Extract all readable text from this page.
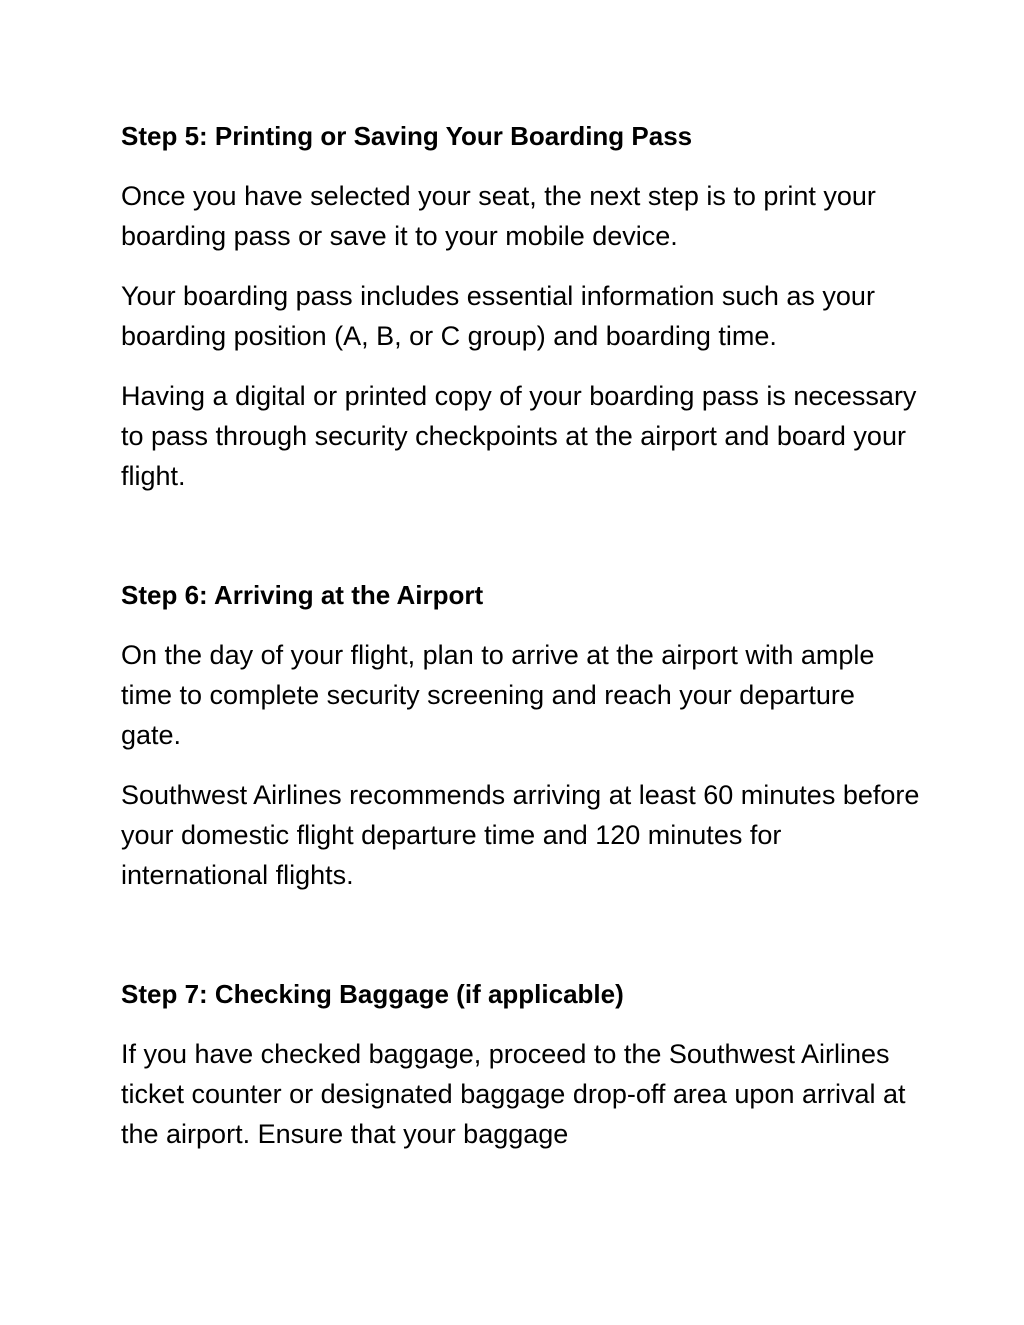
Step 5: Printing or Saving Your Boarding Pass

Once you have selected your seat, the next step is to print your boarding pass or save it to your mobile device.

Your boarding pass includes essential information such as your boarding position (A, B, or C group) and boarding time.

Having a digital or printed copy of your boarding pass is necessary to pass through security checkpoints at the airport and board your flight.

Step 6: Arriving at the Airport

On the day of your flight, plan to arrive at the airport with ample time to complete security screening and reach your departure gate.

Southwest Airlines recommends arriving at least 60 minutes before your domestic flight departure time and 120 minutes for international flights.

Step 7: Checking Baggage (if applicable)

If you have checked baggage, proceed to the Southwest Airlines ticket counter or designated baggage drop-off area upon arrival at the airport. Ensure that your baggage
